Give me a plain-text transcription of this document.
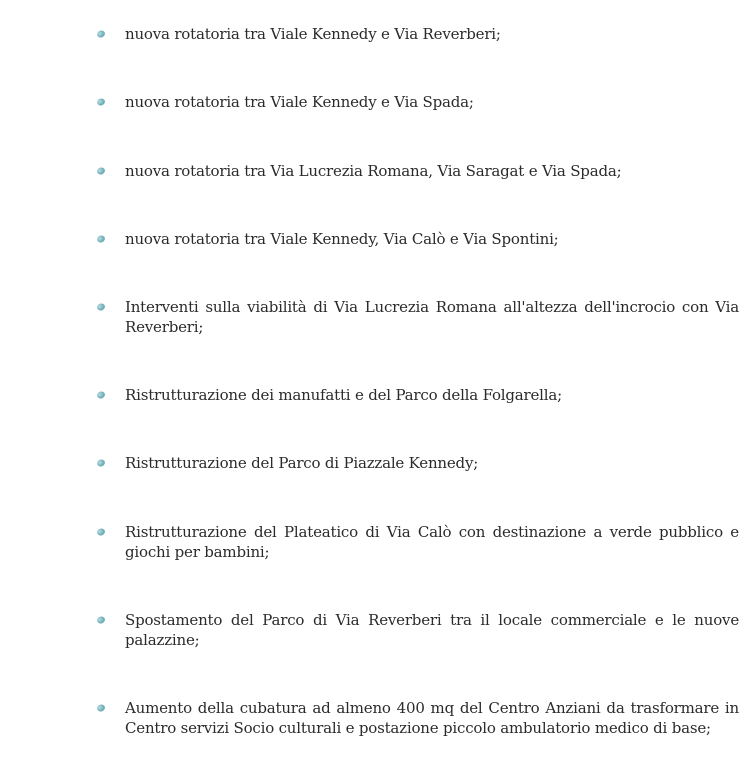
nuova rotatoria tra Viale Kennedy e Via Reverberi;

nuova rotatoria tra Viale Kennedy e Via Spada;

nuova rotatoria tra Via Lucrezia Romana, Via Saragat e Via Spada;

nuova rotatoria tra Viale Kennedy, Via Calò e Via Spontini;

Interventi sulla viabilità di Via Lucrezia Romana all'altezza dell'incrocio con Via Reverberi;

Ristrutturazione dei manufatti e del Parco della Folgarella;

Ristrutturazione del Parco di Piazzale Kennedy;

Ristrutturazione del Plateatico di Via Calò con destinazione a verde pubblico e giochi per bambini;

Spostamento del Parco di Via Reverberi tra il locale commerciale e le nuove palazzine;

Aumento della cubatura ad almeno 400 mq del Centro Anziani da trasformare in Centro servizi Socio culturali e postazione piccolo ambulatorio medico di base;
